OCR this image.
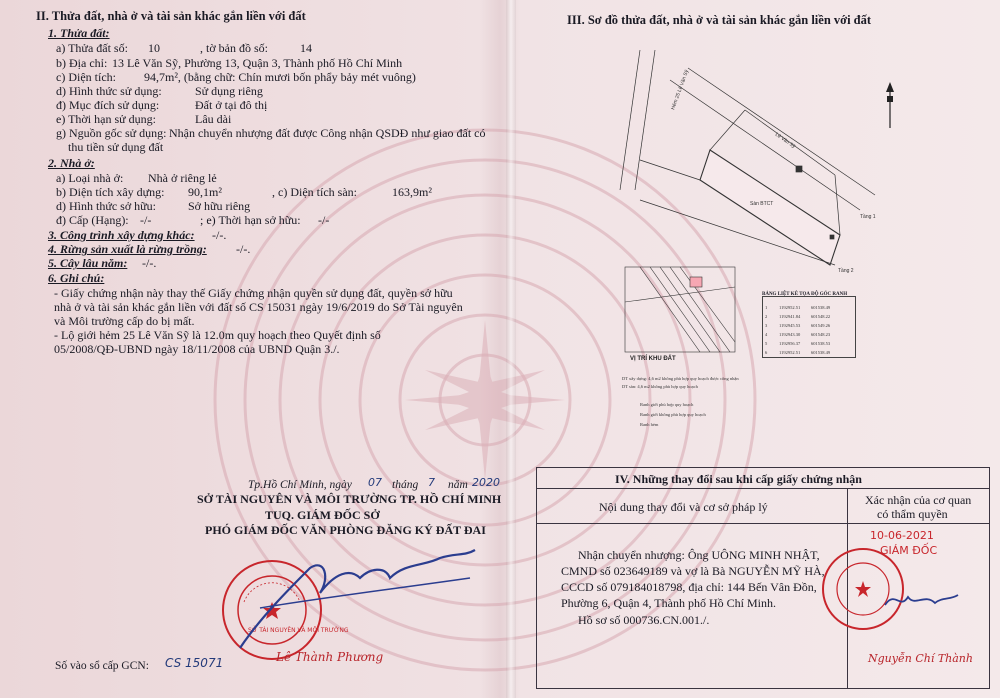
II. Thửa đất, nhà ở và tài sản khác gắn liền với đất
1. Thửa đất:
a) Thửa đất số: 10	, tờ bản đồ số:	14
b) Địa chỉ: 13 Lê Văn Sỹ, Phường 13, Quận 3, Thành phố Hồ Chí Minh
c) Diện tích: 94,7m², (bằng chữ: Chín mươi bốn phẩy bảy mét vuông)
d) Hình thức sử dụng:	Sử dụng riêng
đ) Mục đích sử dụng:	Đất ở tại đô thị
e) Thời hạn sử dụng:	Lâu dài
g) Nguồn gốc sử dụng: Nhận chuyển nhượng đất được Công nhận QSDĐ như giao đất có
thu tiền sử dụng đất
2. Nhà ở:
a) Loại nhà ở: Nhà ở riêng lẻ
b) Diện tích xây dựng: 90,1m²	, c) Diện tích sàn:	163,9m²
d) Hình thức sở hữu:	Sở hữu riêng
đ) Cấp (Hạng): -/-	; e) Thời hạn sở hữu: -/-
3. Công trình xây dựng khác: -/-.
4. Rừng sản xuất là rừng trồng: -/-.
5. Cây lâu năm: -/-.
6. Ghi chú:
- Giấy chứng nhận này thay thế Giấy chứng nhận quyền sử dụng đất, quyền sở hữu
nhà ở và tài sản khác gắn liền với đất số CS 15031 ngày 19/6/2019 do Sở Tài nguyên
và Môi trường cấp do bị mất.
- Lộ giới hẻm 25 Lê Văn Sỹ là 12.0m quy hoạch theo Quyết định số
05/2008/QĐ-UBND ngày 18/11/2008 của UBND Quận 3./.
Tp.Hồ Chí Minh, ngày 07 tháng 7 năm 2020
SỞ TÀI NGUYÊN VÀ MÔI TRƯỜNG TP. HỒ CHÍ MINH
TUQ. GIÁM ĐỐC SỞ
PHÓ GIÁM ĐỐC VĂN PHÒNG ĐĂNG KÝ ĐẤT ĐAI
SỞ TÀI NGUYÊN VÀ MÔI TRƯỜNG
Lê Thành Phương
Số vào sổ cấp GCN: CS 15071
III. Sơ đồ thửa đất, nhà ở và tài sản khác gắn liền với đất
Hẻm 25 Lê Văn Sỹ
Sàn BTCT
Tầng 1
Tầng 2
Lê Văn Sỹ
VỊ TRÍ KHU ĐẤT
BẢNG LIỆT KÊ TỌA ĐỘ GÓC RANH
1	1192952.51 601538.49
2	1192941.84 601548.22
3	1192945.53 601549.26
4	1192943.30 601548.23
5	1192956.37 601538.53
6	1192952.51 601538.49
DT xây dựng: 4,6 m2 không phù hợp quy hoạch được công nhận
DT sàn: 4,6 m2 không phù hợp quy hoạch
Ranh giới phù hợp quy hoạch
Ranh giới không phù hợp quy hoạch
Ranh hẻm
IV. Những thay đổi sau khi cấp giấy chứng nhận
Nội dung thay đổi và cơ sở pháp lý	Xác nhận của cơ quan
có thẩm quyền
Nhận chuyển nhượng: Ông UÔNG MINH NHẬT,
CMND số 023649189 và vợ là Bà NGUYỄN MỸ HÀ,
CCCD số 079184018798, địa chỉ: 144 Bến Vân Đồn,
Phường 6, Quận 4, Thành phố Hồ Chí Minh.
Hồ sơ số 000736.CN.001./.
10-06-2021
GIÁM ĐỐC
Nguyễn Chí Thành
